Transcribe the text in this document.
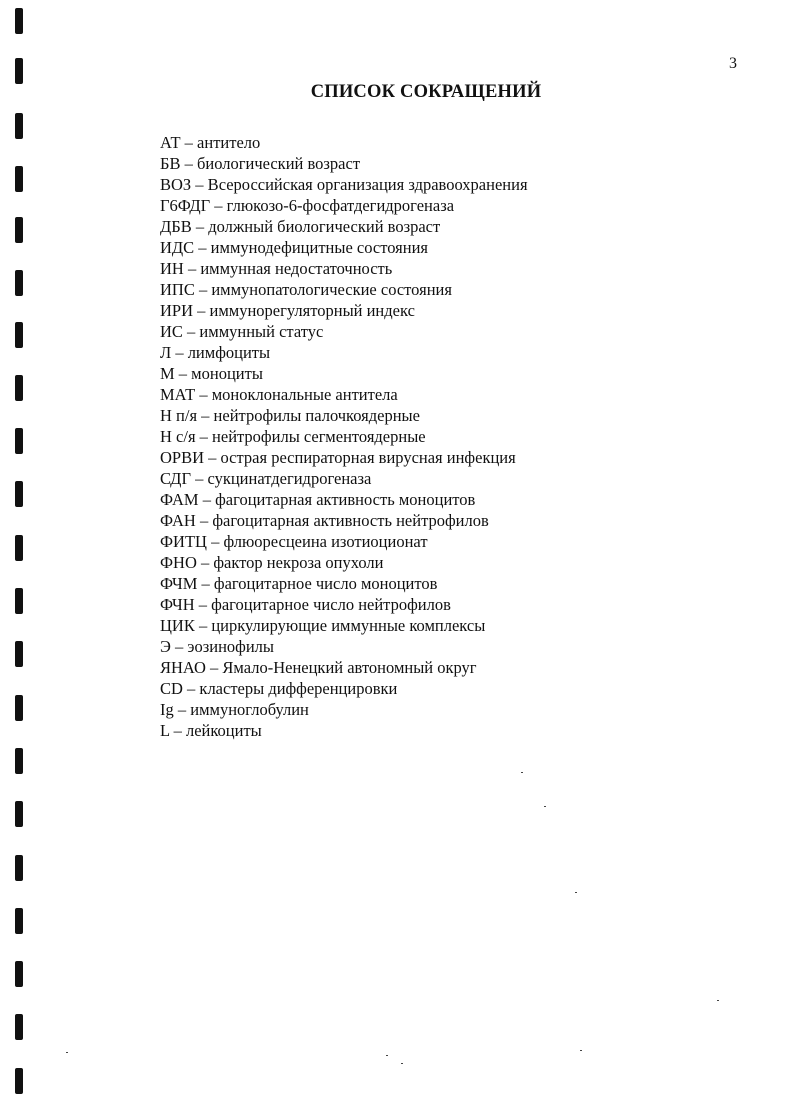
3
СПИСОК СОКРАЩЕНИЙ
АТ – антитело
БВ – биологический возраст
ВОЗ – Всероссийская организация здравоохранения
Г6ФДГ – глюкозо-6-фосфатдегидрогеназа
ДБВ – должный биологический возраст
ИДС – иммунодефицитные состояния
ИН – иммунная недостаточность
ИПС – иммунопатологические состояния
ИРИ – иммунорегуляторный индекс
ИС – иммунный статус
Л – лимфоциты
М – моноциты
МАТ – моноклональные антитела
Н п/я – нейтрофилы палочкоядерные
Н с/я – нейтрофилы сегментоядерные
ОРВИ – острая респираторная вирусная инфекция
СДГ – сукцинатдегидрогеназа
ФАМ – фагоцитарная активность моноцитов
ФАН – фагоцитарная активность нейтрофилов
ФИТЦ – флюоресцеина изотиоционат
ФНО – фактор некроза опухоли
ФЧМ – фагоцитарное число моноцитов
ФЧН – фагоцитарное число нейтрофилов
ЦИК – циркулирующие иммунные комплексы
Э – эозинофилы
ЯНАО – Ямало-Ненецкий автономный округ
CD – кластеры дифференцировки
Ig – иммуноглобулин
L – лейкоциты
